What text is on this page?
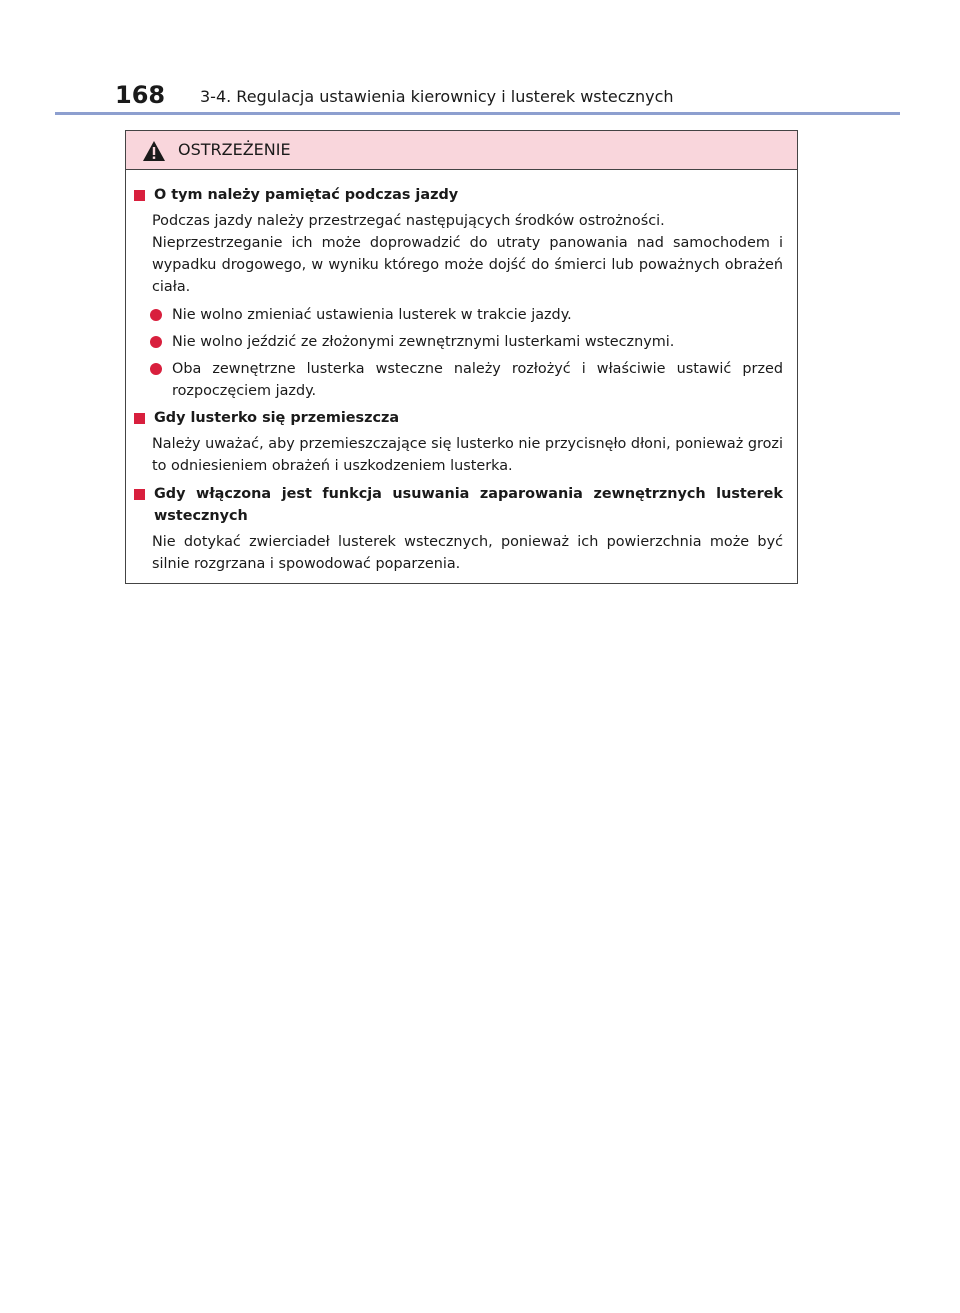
168 3-4. Regulacja ustawienia kierownicy i lusterek wstecznych
OSTRZEŻENIE
O tym należy pamiętać podczas jazdy
Podczas jazdy należy przestrzegać następujących środków ostrożności.
Nieprzestrzeganie ich może doprowadzić do utraty panowania nad samochodem i wypadku drogowego, w wyniku którego może dojść do śmierci lub poważnych obrażeń ciała.
Nie wolno zmieniać ustawienia lusterek w trakcie jazdy.
Nie wolno jeździć ze złożonymi zewnętrznymi lusterkami wstecznymi.
Oba zewnętrzne lusterka wsteczne należy rozłożyć i właściwie ustawić przed rozpoczęciem jazdy.
Gdy lusterko się przemieszcza
Należy uważać, aby przemieszczające się lusterko nie przycisnęło dłoni, ponieważ grozi to odniesieniem obrażeń i uszkodzeniem lusterka.
Gdy włączona jest funkcja usuwania zaparowania zewnętrznych lusterek wstecznych
Nie dotykać zwierciadeł lusterek wstecznych, ponieważ ich powierzchnia może być silnie rozgrzana i spowodować poparzenia.
